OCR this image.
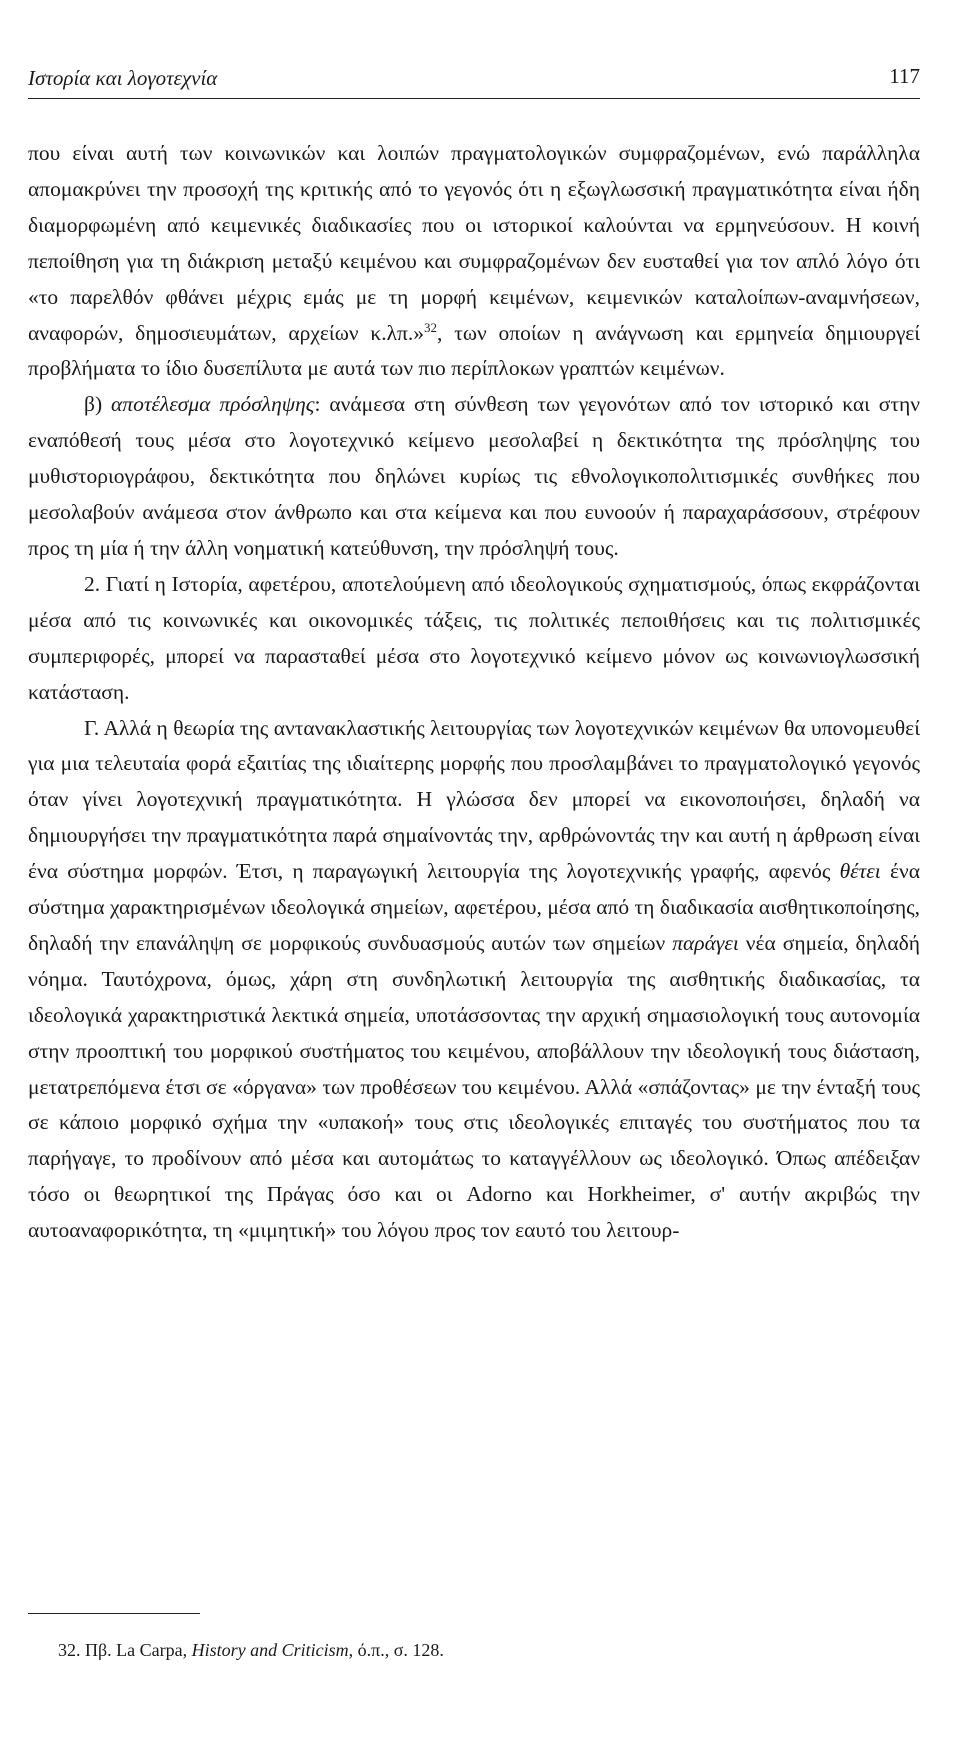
Ιστορία και λογοτεχνία	117

που είναι αυτή των κοινωνικών και λοιπών πραγματολογικών συμφραζομένων, ενώ παράλληλα απομακρύνει την προσοχή της κριτικής από το γεγονός ότι η εξωγλωσσική πραγματικότητα είναι ήδη διαμορφωμένη από κειμενικές διαδικασίες που οι ιστορικοί καλούνται να ερμηνεύσουν. Η κοινή πεποίθηση για τη διάκριση μεταξύ κειμένου και συμφραζομένων δεν ευσταθεί για τον απλό λόγο ότι «το παρελθόν φθάνει μέχρις εμάς με τη μορφή κειμένων, κειμενικών καταλοίπων-αναμνήσεων, αναφορών, δημοσιευμάτων, αρχείων κ.λπ.»$^{32}$, των οποίων η ανάγνωση και ερμηνεία δημιουργεί προβλήματα το ίδιο δυσεπίλυτα με αυτά των πιο περίπλοκων γραπτών κειμένων.

β) αποτέλεσμα πρόσληψης: ανάμεσα στη σύνθεση των γεγονότων από τον ιστορικό και στην εναπόθεσή τους μέσα στο λογοτεχνικό κείμενο μεσολαβεί η δεκτικότητα της πρόσληψης του μυθιστοριογράφου, δεκτικότητα που δηλώνει κυρίως τις εθνολογικοπολιτισμικές συνθήκες που μεσολαβούν ανάμεσα στον άνθρωπο και στα κείμενα και που ευνοούν ή παραχαράσσουν, στρέφουν προς τη μία ή την άλλη νοηματική κατεύθυνση, την πρόσληψή τους.

2. Γιατί η Ιστορία, αφετέρου, αποτελούμενη από ιδεολογικούς σχηματισμούς, όπως εκφράζονται μέσα από τις κοινωνικές και οικονομικές τάξεις, τις πολιτικές πεποιθήσεις και τις πολιτισμικές συμπεριφορές, μπορεί να παρασταθεί μέσα στο λογοτεχνικό κείμενο μόνον ως κοινωνιογλωσσική κατάσταση.

Γ. Αλλά η θεωρία της αντανακλαστικής λειτουργίας των λογοτεχνικών κειμένων θα υπονομευθεί για μια τελευταία φορά εξαιτίας της ιδιαίτερης μορφής που προσλαμβάνει το πραγματολογικό γεγονός όταν γίνει λογοτεχνική πραγματικότητα. Η γλώσσα δεν μπορεί να εικονοποιήσει, δηλαδή να δημιουργήσει την πραγματικότητα παρά σημαίνοντάς την, αρθρώνοντάς την και αυτή η άρθρωση είναι ένα σύστημα μορφών. Έτσι, η παραγωγική λειτουργία της λογοτεχνικής γραφής, αφενός θέτει ένα σύστημα χαρακτηρισμένων ιδεολογικά σημείων, αφετέρου, μέσα από τη διαδικασία αισθητικοποίησης, δηλαδή την επανάληψη σε μορφικούς συνδυασμούς αυτών των σημείων παράγει νέα σημεία, δηλαδή νόημα. Ταυτόχρονα, όμως, χάρη στη συνδηλωτική λειτουργία της αισθητικής διαδικασίας, τα ιδεολογικά χαρακτηριστικά λεκτικά σημεία, υποτάσσοντας την αρχική σημασιολογική τους αυτονομία στην προοπτική του μορφικού συστήματος του κειμένου, αποβάλλουν την ιδεολογική τους διάσταση, μετατρεπόμενα έτσι σε «όργανα» των προθέσεων του κειμένου. Αλλά «σπάζοντας» με την ένταξή τους σε κάποιο μορφικό σχήμα την «υπακοή» τους στις ιδεολογικές επιταγές του συστήματος που τα παρήγαγε, το προδίνουν από μέσα και αυτομάτως το καταγγέλλουν ως ιδεολογικό. Όπως απέδειξαν τόσο οι θεωρητικοί της Πράγας όσο και οι Adorno και Horkheimer, σ' αυτήν ακριβώς την αυτοαναφορικότητα, τη «μιμητική» του λόγου προς τον εαυτό του λειτουρ-

32. Πβ. La Carpa, History and Criticism, ό.π., σ. 128.
